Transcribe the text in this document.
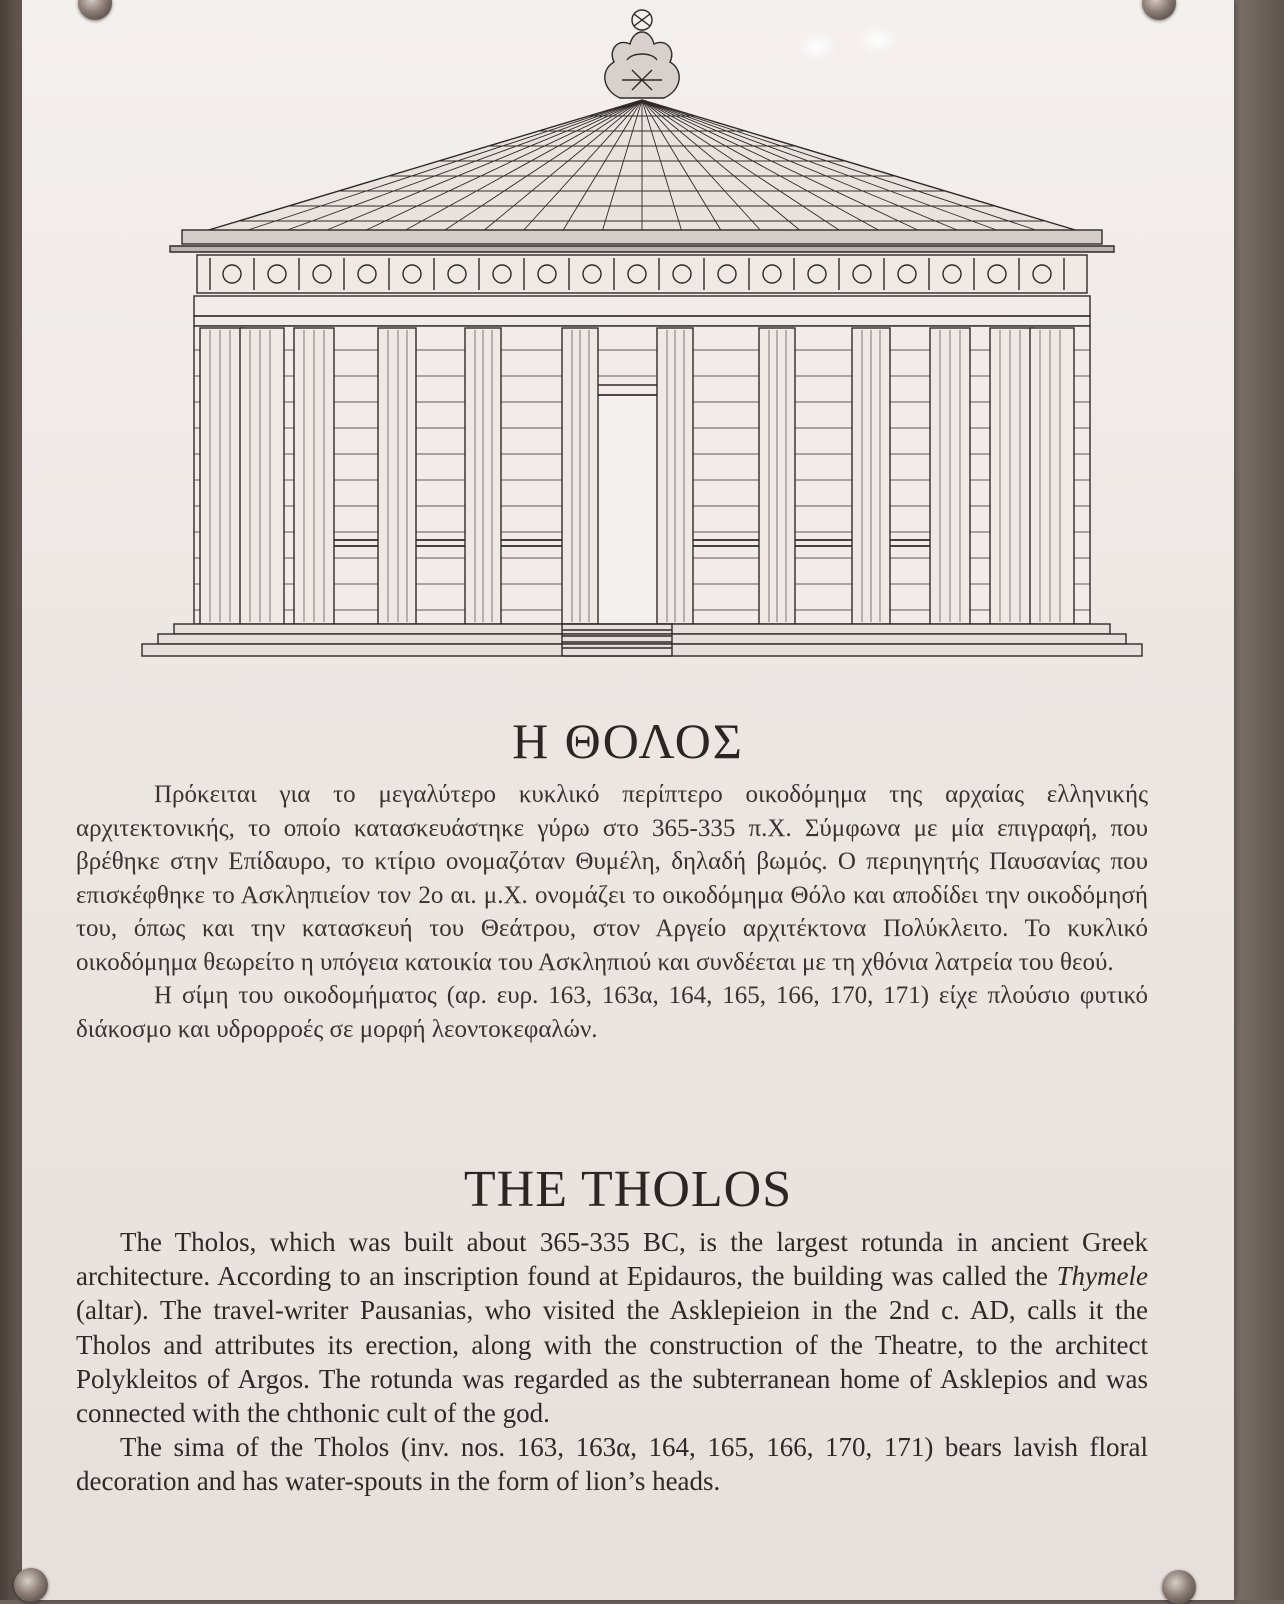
Η ΘΟΛΟΣ

Πρόκειται για το μεγαλύτερο κυκλικό περίπτερο οικοδόμημα της αρχαίας ελληνικής αρχιτεκτονικής, το οποίο κατασκευάστηκε γύρω στο 365-335 π.Χ. Σύμφωνα με μία επιγραφή, που βρέθηκε στην Επίδαυρο, το κτίριο ονομαζόταν Θυμέλη, δηλαδή βωμός. Ο περιηγητής Παυσανίας που επισκέφθηκε το Ασκληπιείον τον 2ο αι. μ.Χ. ονομάζει το οικοδόμημα Θόλο και αποδίδει την οικοδόμησή του, όπως και την κατασκευή του Θεάτρου, στον Αργείο αρχιτέκτονα Πολύκλειτο. Το κυκλικό οικοδόμημα θεωρείτο η υπόγεια κατοικία του Ασκληπιού και συνδέεται με τη χθόνια λατρεία του θεού.

Η σίμη του οικοδομήματος (αρ. ευρ. 163, 163α, 164, 165, 166, 170, 171) είχε πλούσιο φυτικό διάκοσμο και υδρορροές σε μορφή λεοντοκεφαλών.

THE THOLOS

The Tholos, which was built about 365-335 BC, is the largest rotunda in ancient Greek architecture. According to an inscription found at Epidauros, the building was called the Thymele (altar). The travel-writer Pausanias, who visited the Asklepieion in the 2nd c. AD, calls it the Tholos and attributes its erection, along with the construction of the Theatre, to the architect Polykleitos of Argos. The rotunda was regarded as the subterranean home of Asklepios and was connected with the chthonic cult of the god.

The sima of the Tholos (inv. nos. 163, 163α, 164, 165, 166, 170, 171) bears lavish floral decoration and has water-spouts in the form of lion’s heads.
